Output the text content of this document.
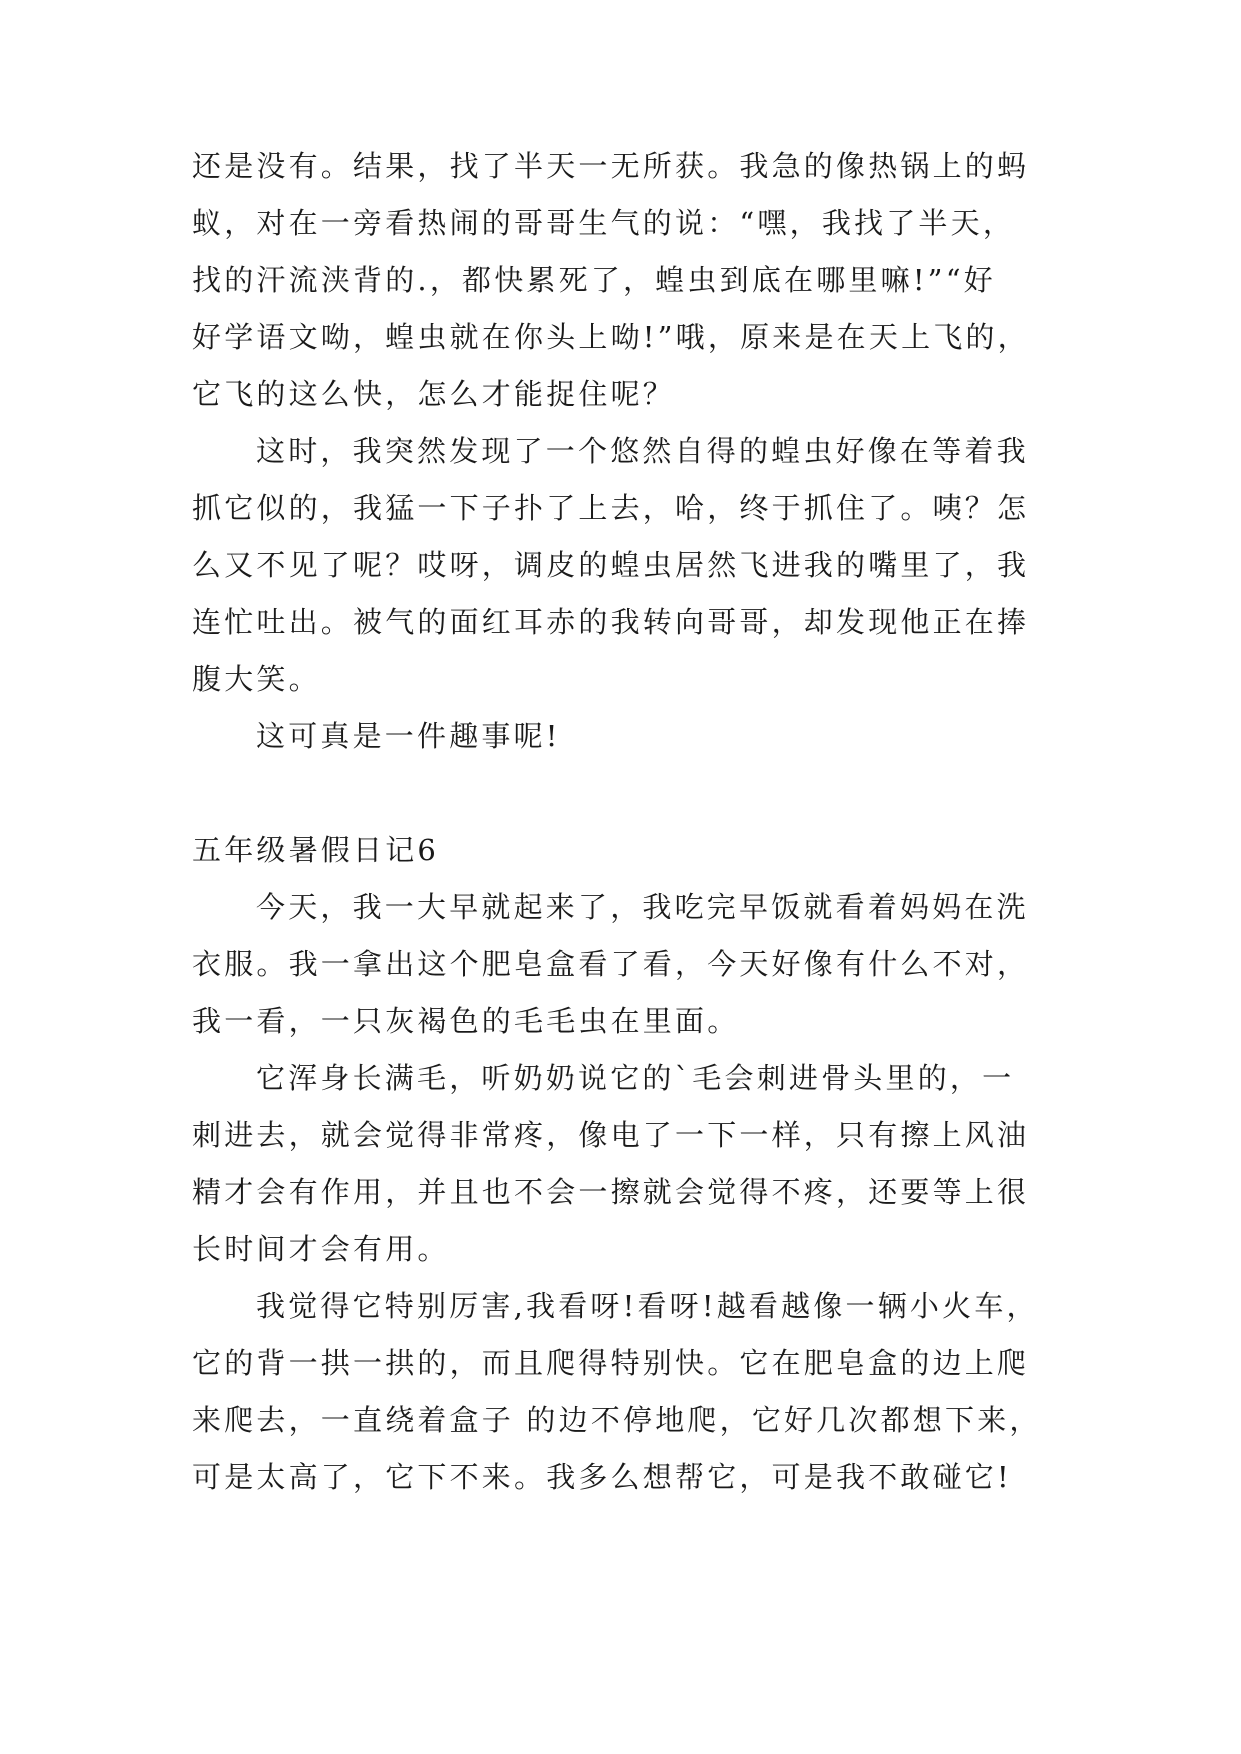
还是没有。结果，找了半天一无所获。我急的像热锅上的蚂
蚁，对在一旁看热闹的哥哥生气的说：“嘿，我找了半天，
找的汗流浃背的.，都快累死了，蝗虫到底在哪里嘛!”“好
好学语文呦，蝗虫就在你头上呦!”哦，原来是在天上飞的，
它飞的这么快，怎么才能捉住呢？
这时，我突然发现了一个悠然自得的蝗虫好像在等着我
抓它似的，我猛一下子扑了上去，哈，终于抓住了。咦？怎
么又不见了呢？哎呀，调皮的蝗虫居然飞进我的嘴里了，我
连忙吐出。被气的面红耳赤的我转向哥哥，却发现他正在捧
腹大笑。
这可真是一件趣事呢!
五年级暑假日记6
今天，我一大早就起来了，我吃完早饭就看着妈妈在洗
衣服。我一拿出这个肥皂盒看了看，今天好像有什么不对，
我一看，一只灰褐色的毛毛虫在里面。
它浑身长满毛，听奶奶说它的`毛会刺进骨头里的，一
刺进去，就会觉得非常疼，像电了一下一样，只有擦上风油
精才会有作用，并且也不会一擦就会觉得不疼，还要等上很
长时间才会有用。
我觉得它特别厉害,我看呀!看呀!越看越像一辆小火车，
它的背一拱一拱的，而且爬得特别快。它在肥皂盒的边上爬
来爬去，一直绕着盒子 的边不停地爬，它好几次都想下来，
可是太高了，它下不来。我多么想帮它，可是我不敢碰它!
